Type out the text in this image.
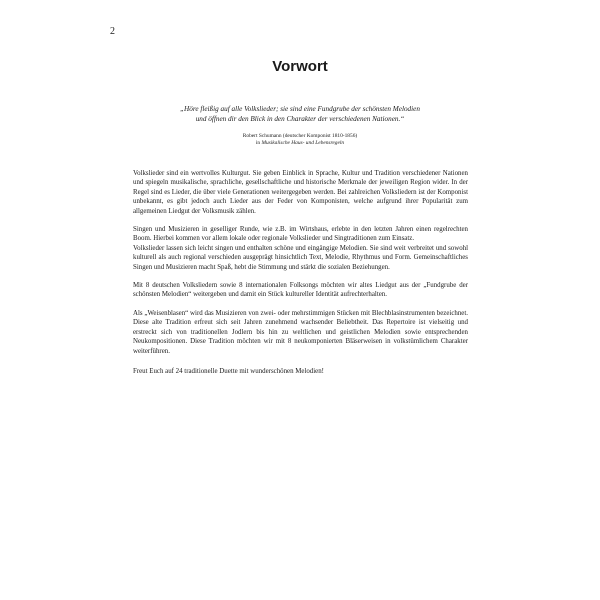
2
Vorwort
„Höre fleißig auf alle Volkslieder; sie sind eine Fundgrube der schönsten Melodien
und öffnen dir den Blick in den Charakter der verschiedenen Nationen.“
Robert Schumann (deutscher Komponist 1810-1856)
in Musikalische Haus- und Lebensregeln

Volkslieder sind ein wertvolles Kulturgut. Sie geben Einblick in Sprache, Kultur und Tradition verschiedener Nationen und spiegeln musikalische, sprachliche, gesellschaftliche und historische Merkmale der jeweiligen Region wider. In der Regel sind es Lieder, die über viele Generationen weitergegeben werden. Bei zahlreichen Volksliedern ist der Komponist unbekannt, es gibt jedoch auch Lieder aus der Feder von Komponisten, welche aufgrund ihrer Popularität zum allgemeinen Liedgut der Volksmusik zählen.

Singen und Musizieren in geselliger Runde, wie z.B. im Wirtshaus, erlebte in den letzten Jahren einen regelrechten Boom. Hierbei kommen vor allem lokale oder regionale Volkslieder und Singtraditionen zum Einsatz.

Volkslieder lassen sich leicht singen und enthalten schöne und eingängige Melodien. Sie sind weit verbreitet und sowohl kulturell als auch regional verschieden ausgeprägt hinsichtlich Text, Melodie, Rhythmus und Form. Gemeinschaftliches Singen und Musizieren macht Spaß, hebt die Stimmung und stärkt die sozialen Beziehungen.

Mit 8 deutschen Volksliedern sowie 8 internationalen Folksongs möchten wir altes Liedgut aus der „Fundgrube der schönsten Melodien“ weitergeben und damit ein Stück kultureller Identität aufrechterhalten.

Als „Weisenblasen“ wird das Musizieren von zwei- oder mehrstimmigen Stücken mit Blechblasinstrumenten bezeichnet. Diese alte Tradition erfreut sich seit Jahren zunehmend wachsender Beliebtheit. Das Repertoire ist vielseitig und erstreckt sich von traditionellen Jodlern bis hin zu weltlichen und geistlichen Melodien sowie entsprechenden Neukompositionen. Diese Tradition möchten wir mit 8 neukomponierten Bläserweisen in volkstümlichem Charakter weiterführen.

Freut Euch auf 24 traditionelle Duette mit wunderschönen Melodien!
